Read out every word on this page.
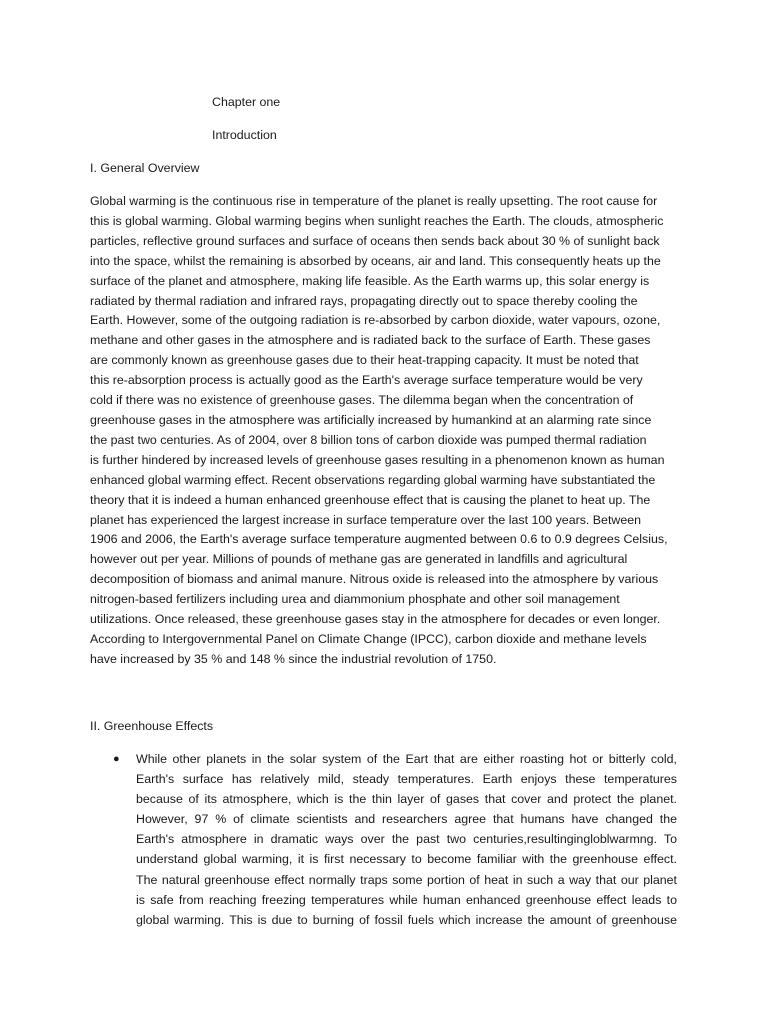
Chapter one
Introduction
I. General Overview
Global warming is the continuous rise in temperature of the planet is really upsetting. The root cause for
this is global warming. Global warming begins when sunlight reaches the Earth. The clouds, atmospheric
particles, reflective ground surfaces and surface of oceans then sends back about 30 % of sunlight back
into the space, whilst the remaining is absorbed by oceans, air and land. This consequently heats up the
surface of the planet and atmosphere, making life feasible. As the Earth warms up, this solar energy is
radiated by thermal radiation and infrared rays, propagating directly out to space thereby cooling the
Earth. However, some of the outgoing radiation is re-absorbed by carbon dioxide, water vapours, ozone,
methane and other gases in the atmosphere and is radiated back to the surface of Earth. These gases
are commonly known as greenhouse gases due to their heat-trapping capacity. It must be noted that
this re-absorption process is actually good as the Earth's average surface temperature would be very
cold if there was no existence of greenhouse gases. The dilemma began when the concentration of
greenhouse gases in the atmosphere was artificially increased by humankind at an alarming rate since
the past two centuries. As of 2004, over 8 billion tons of carbon dioxide was pumped thermal radiation
is further hindered by increased levels of greenhouse gases resulting in a phenomenon known as human
enhanced global warming effect. Recent observations regarding global warming have substantiated the
theory that it is indeed a human enhanced greenhouse effect that is causing the planet to heat up. The
planet has experienced the largest increase in surface temperature over the last 100 years. Between
1906 and 2006, the Earth's average surface temperature augmented between 0.6 to 0.9 degrees Celsius,
however out per year. Millions of pounds of methane gas are generated in landfills and agricultural
decomposition of biomass and animal manure. Nitrous oxide is released into the atmosphere by various
nitrogen-based fertilizers including urea and diammonium phosphate and other soil management
utilizations. Once released, these greenhouse gases stay in the atmosphere for decades or even longer.
According to Intergovernmental Panel on Climate Change (IPCC), carbon dioxide and methane levels
have increased by 35 % and 148 % since the industrial revolution of 1750.
II. Greenhouse Effects
● While other planets in the solar system of the Eart that are either roasting hot or bitterly cold,
Earth's surface has relatively mild, steady temperatures. Earth enjoys these temperatures
because of its atmosphere, which is the thin layer of gases that cover and protect the planet.
However, 97 % of climate scientists and researchers agree that humans have changed the
Earth's atmosphere in dramatic ways over the past two centuries,resultingingloblwarmng. To
understand global warming, it is first necessary to become familiar with the greenhouse effect.
The natural greenhouse effect normally traps some portion of heat in such a way that our planet
is safe from reaching freezing temperatures while human enhanced greenhouse effect leads to
global warming. This is due to burning of fossil fuels which increase the amount of greenhouse
